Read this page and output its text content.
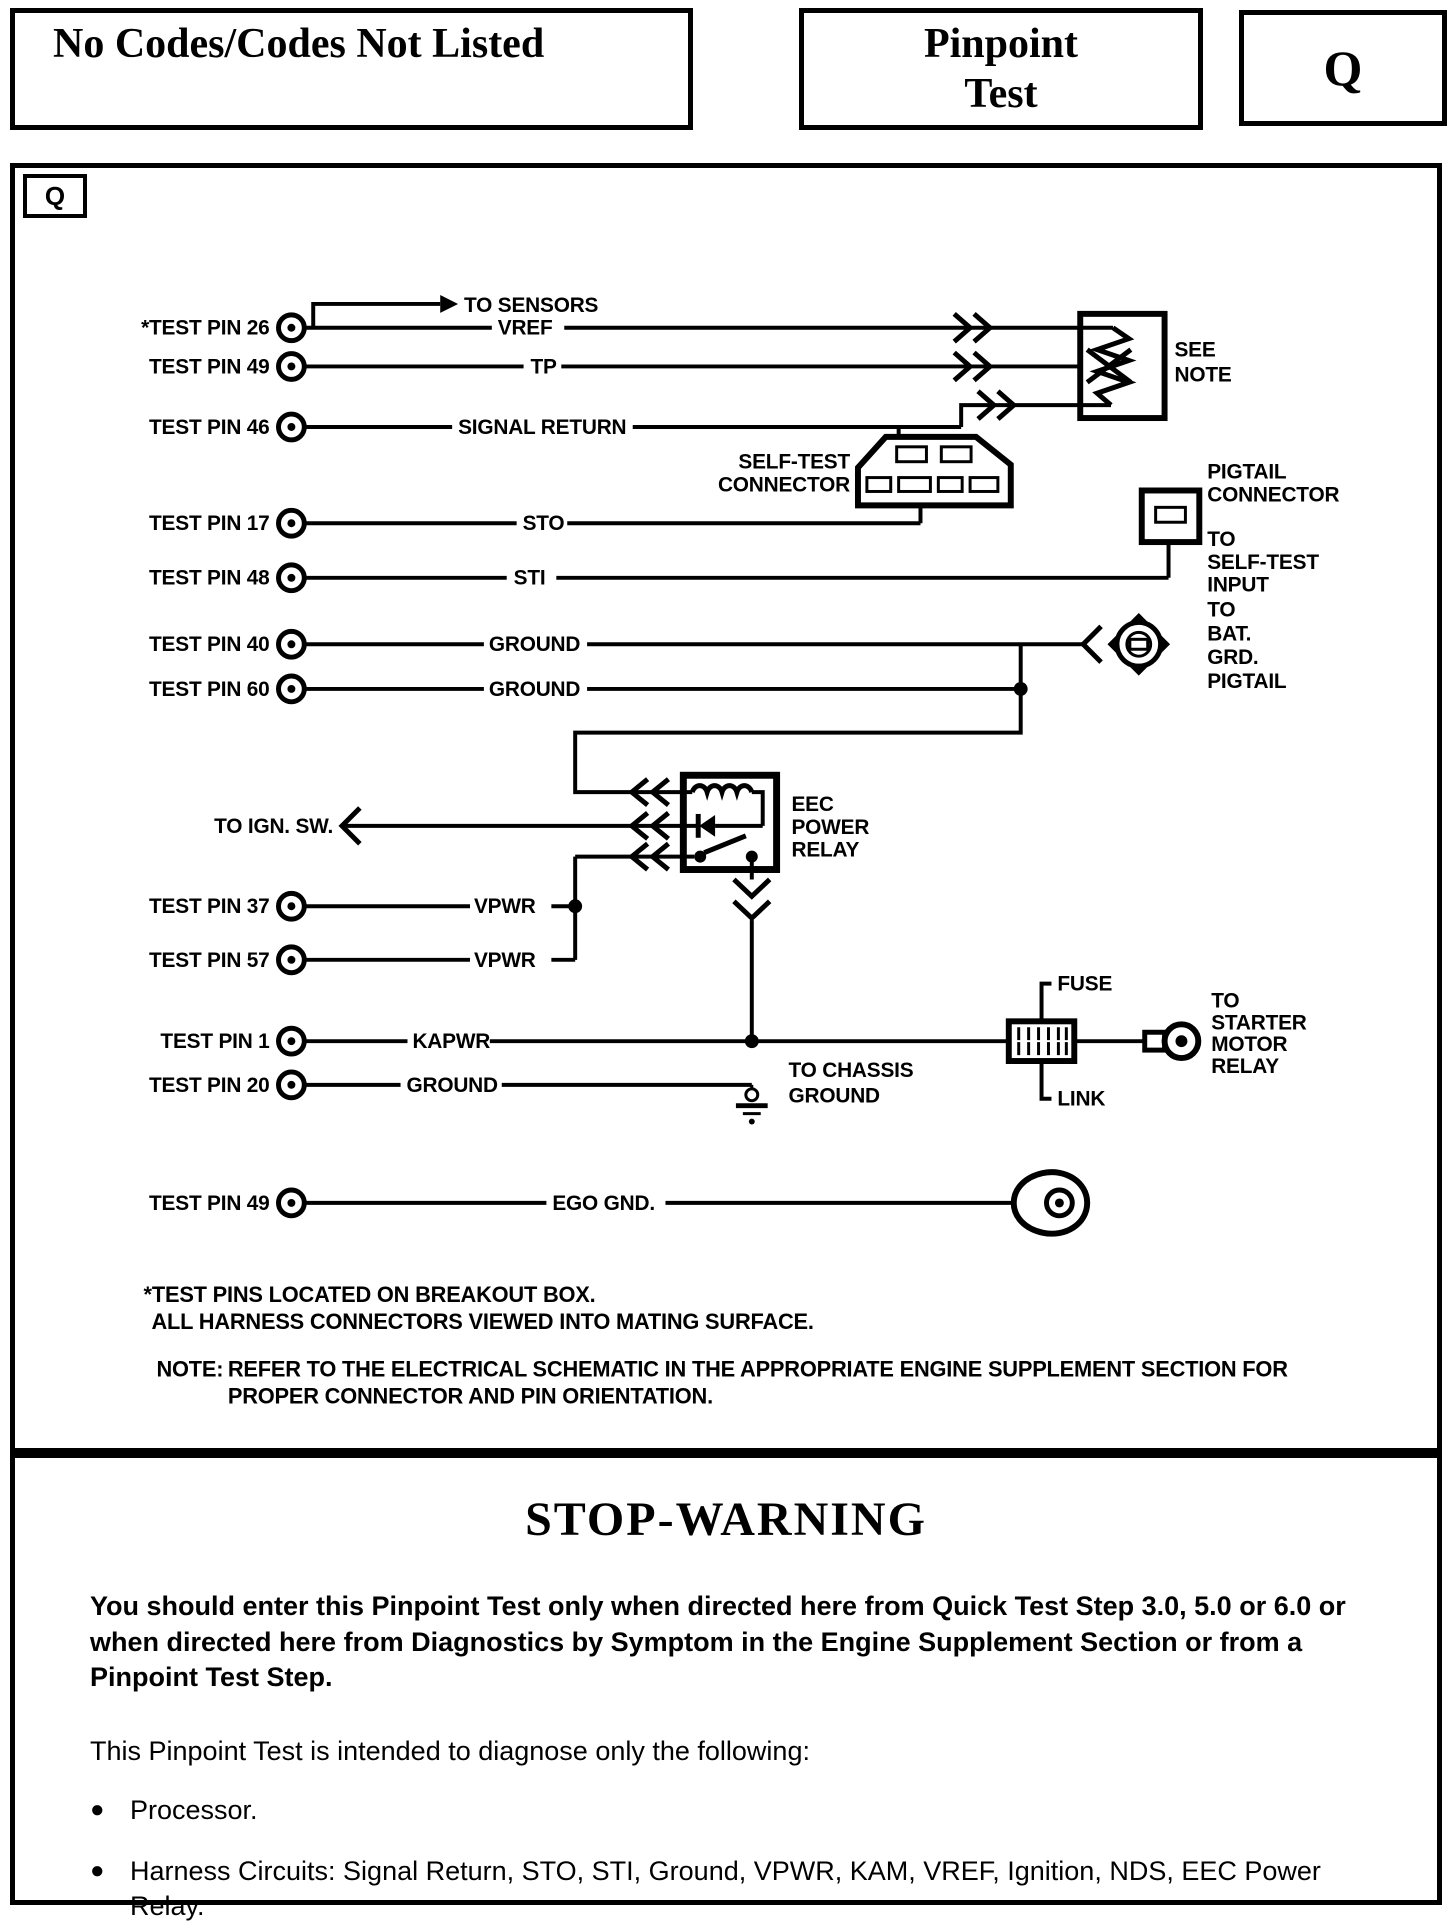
No Codes/Codes Not Listed	Pinpoint Test	Q
Q
TO SENSORS
*TEST PIN 26	VREF
TEST PIN 49	TP
TEST PIN 46	SIGNAL RETURN
SEE
NOTE
SELF-TEST
CONNECTOR
TEST PIN 17	STO
TEST PIN 48	STI
PIGTAIL
CONNECTOR
TO
SELF-TEST
INPUT
TEST PIN 40	GROUND
TO
BAT.
GRD.
PIGTAIL
TEST PIN 60	GROUND
EEC
POWER
RELAY
TO IGN. SW.
TEST PIN 37	VPWR
TEST PIN 57	VPWR
TEST PIN 1	KAPWR
FUSE
LINK
TO
STARTER
MOTOR
RELAY
TEST PIN 20	GROUND
TO CHASSIS
GROUND
TEST PIN 49	EGO GND.
*TEST PINS LOCATED ON BREAKOUT BOX.
ALL HARNESS CONNECTORS VIEWED INTO MATING SURFACE.
NOTE: REFER TO THE ELECTRICAL SCHEMATIC IN THE APPROPRIATE ENGINE SUPPLEMENT SECTION FOR
PROPER CONNECTOR AND PIN ORIENTATION.
STOP-WARNING
You should enter this Pinpoint Test only when directed here from Quick Test Step 3.0, 5.0 or 6.0 or when directed here from Diagnostics by Symptom in the Engine Supplement Section or from a Pinpoint Test Step.
This Pinpoint Test is intended to diagnose only the following:
● Processor.
● Harness Circuits: Signal Return, STO, STI, Ground, VPWR, KAM, VREF, Ignition, NDS, EEC Power Relay.
